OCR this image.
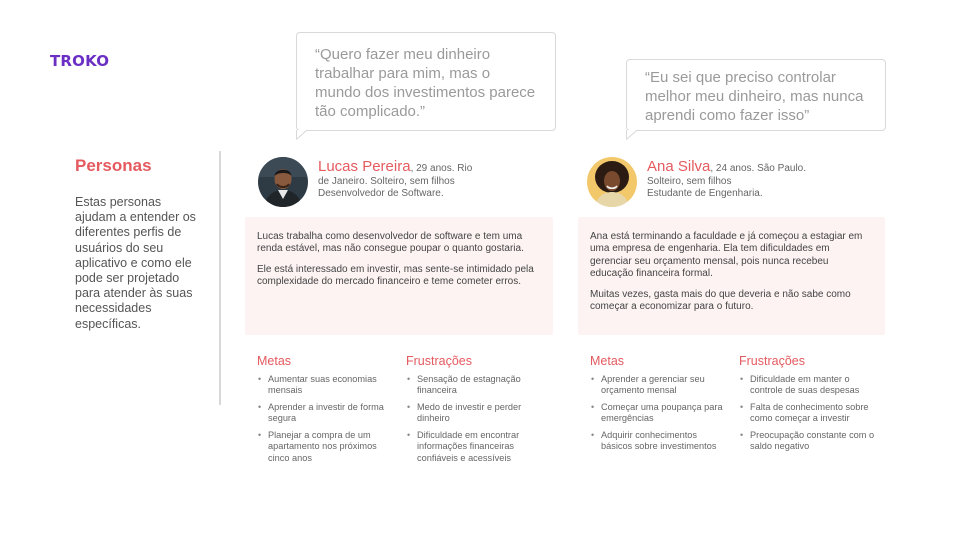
TROKO
Personas
Estas personas ajudam a entender os diferentes perfis de usuários do seu aplicativo e como ele pode ser projetado para atender às suas necessidades específicas.
“Quero fazer meu dinheiro trabalhar para mim, mas o mundo dos investimentos parece tão complicado.”
“Eu sei que preciso controlar melhor meu dinheiro, mas nunca aprendi como fazer isso”
Lucas Pereira, 29 anos. Rio
de Janeiro. Solteiro, sem filhos
Desenvolvedor de Software.
Ana Silva, 24 anos. São Paulo.
Solteiro, sem filhos
Estudante de Engenharia.

Lucas trabalha como desenvolvedor de software e tem uma renda estável, mas não consegue poupar o quanto gostaria.

Ele está interessado em investir, mas sente-se intimidado pela complexidade do mercado financeiro e teme cometer erros.

Ana está terminando a faculdade e já começou a estagiar em uma empresa de engenharia. Ela tem dificuldades em gerenciar seu orçamento mensal, pois nunca recebeu educação financeira formal.

Muitas vezes, gasta mais do que deveria e não sabe como começar a economizar para o futuro.

Metas
• Aumentar suas economias mensais
• Aprender a investir de forma segura
• Planejar a compra de um apartamento nos próximos cinco anos
Frustrações
• Sensação de estagnação financeira
• Medo de investir e perder dinheiro
• Dificuldade em encontrar informações financeiras confiáveis e acessíveis
Metas
• Aprender a gerenciar seu orçamento mensal
• Começar uma poupança para emergências
• Adquirir conhecimentos básicos sobre investimentos
Frustrações
• Dificuldade em manter o controle de suas despesas
• Falta de conhecimento sobre como começar a investir
• Preocupação constante com o saldo negativo
